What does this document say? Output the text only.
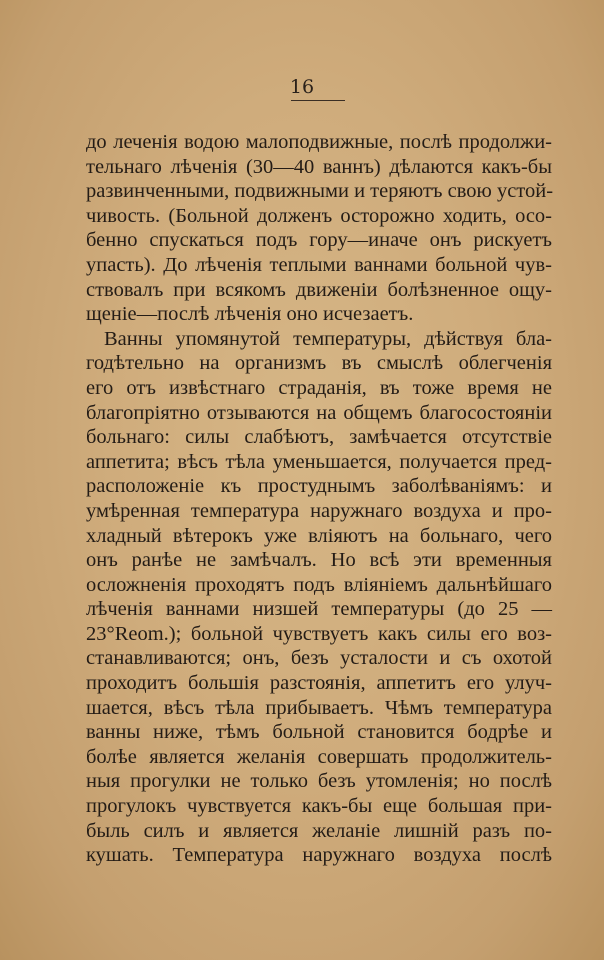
16
до леченія водою малоподвижные, послѣ продолжи-
тельнаго лѣченія (30—40 ваннъ) дѣлаются какъ-бы
развинченными, подвижными и теряютъ свою устой-
чивость. (Больной долженъ осторожно ходить, осо-
бенно спускаться подъ гору—иначе онъ рискуетъ
упасть). До лѣченія теплыми ваннами больной чув-
ствовалъ при всякомъ движеніи болѣзненное ощу-
щеніе—послѣ лѣченія оно исчезаетъ.
Ванны упомянутой температуры, дѣйствуя бла-
годѣтельно на организмъ въ смыслѣ облегченія
его отъ извѣстнаго страданія, въ тоже время не
благопріятно отзываются на общемъ благосостояніи
больнаго: силы слабѣютъ, замѣчается отсутствіе
аппетита; вѣсъ тѣла уменьшается, получается пред-
расположеніе къ простуднымъ заболѣваніямъ: и
умѣренная температура наружнаго воздуха и про-
хладный вѣтерокъ уже вліяютъ на больнаго, чего
онъ ранѣе не замѣчалъ. Но всѣ эти временныя
осложненія проходятъ подъ вліяніемъ дальнѣйшаго
лѣченія ваннами низшей температуры (до 25 —
23°Reom.); больной чувствуетъ какъ силы его воз-
станавливаются; онъ, безъ усталости и съ охотой
проходитъ большія разстоянія, аппетитъ его улуч-
шается, вѣсъ тѣла прибываетъ. Чѣмъ температура
ванны ниже, тѣмъ больной становится бодрѣе и
болѣе является желанія совершать продолжитель-
ныя прогулки не только безъ утомленія; но послѣ
прогулокъ чувствуется какъ-бы еще большая при-
быль силъ и является желаніе лишній разъ по-
кушать. Температура наружнаго воздуха послѣ
